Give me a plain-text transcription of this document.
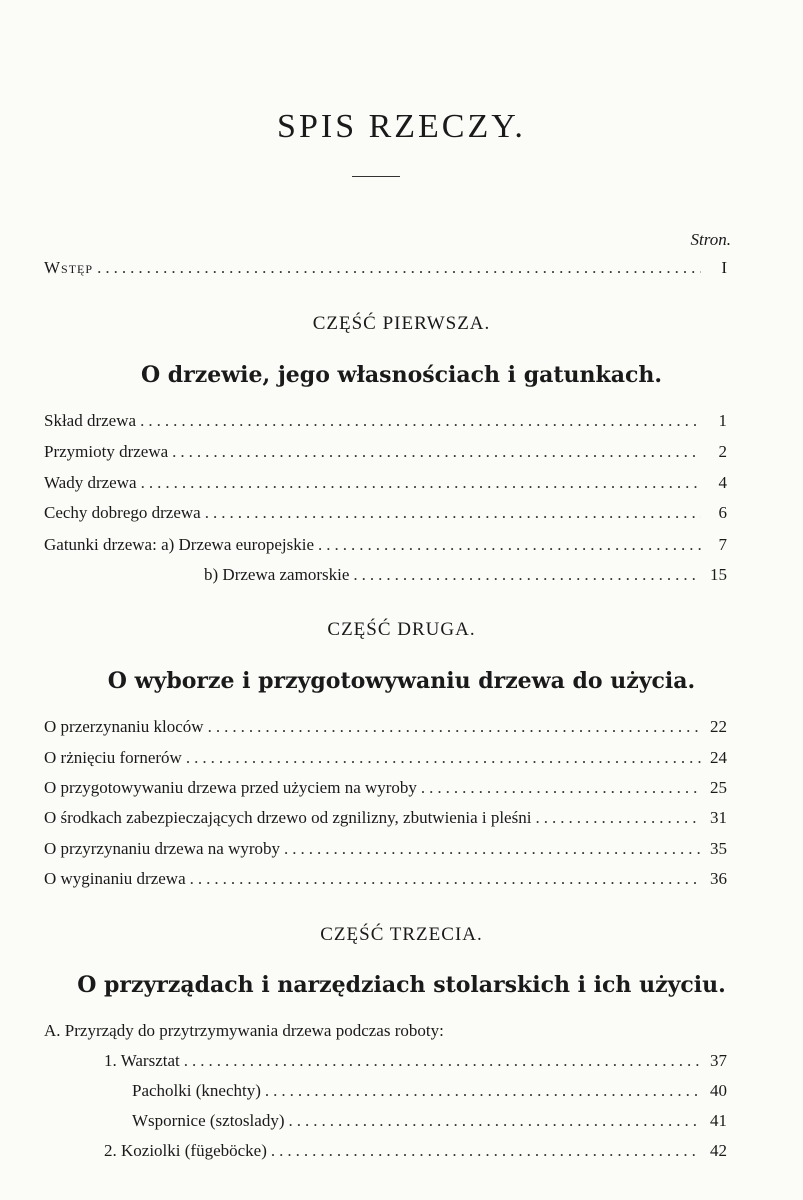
SPIS RZECZY.
Stron.
Wstęp .....	I
CZĘŚĆ PIERWSZA.
O drzewie, jego własnościach i gatunkach.
Skład drzewa .....	1
Przymioty drzewa .....	2
Wady drzewa .....	4
Cechy dobrego drzewa .....	6
Gatunki drzewa: a) Drzewa europejskie .....	7
b) Drzewa zamorskie .....	15
CZĘŚĆ DRUGA.
O wyborze i przygotowywaniu drzewa do użycia.
O przerzynaniu kloców .....	22
O rżnięciu fornerów .....	24
O przygotowywaniu drzewa przed użyciem na wyroby .....	25
O środkach zabezpieczających drzewo od zgnilizny, zbutwienia i pleśni .....	31
O przyrzynaniu drzewa na wyroby .....	35
O wyginaniu drzewa .....	36
CZĘŚĆ TRZECIA.
O przyrządach i narzędziach stolarskich i ich użyciu.
A. Przyrządy do przytrzymywania drzewa podczas roboty:
1. Warsztat .....	37
Pacholki (knechty) .....	40
Wspornice (sztoslady) .....	41
2. Koziolki (fügeböcke) .....	42
